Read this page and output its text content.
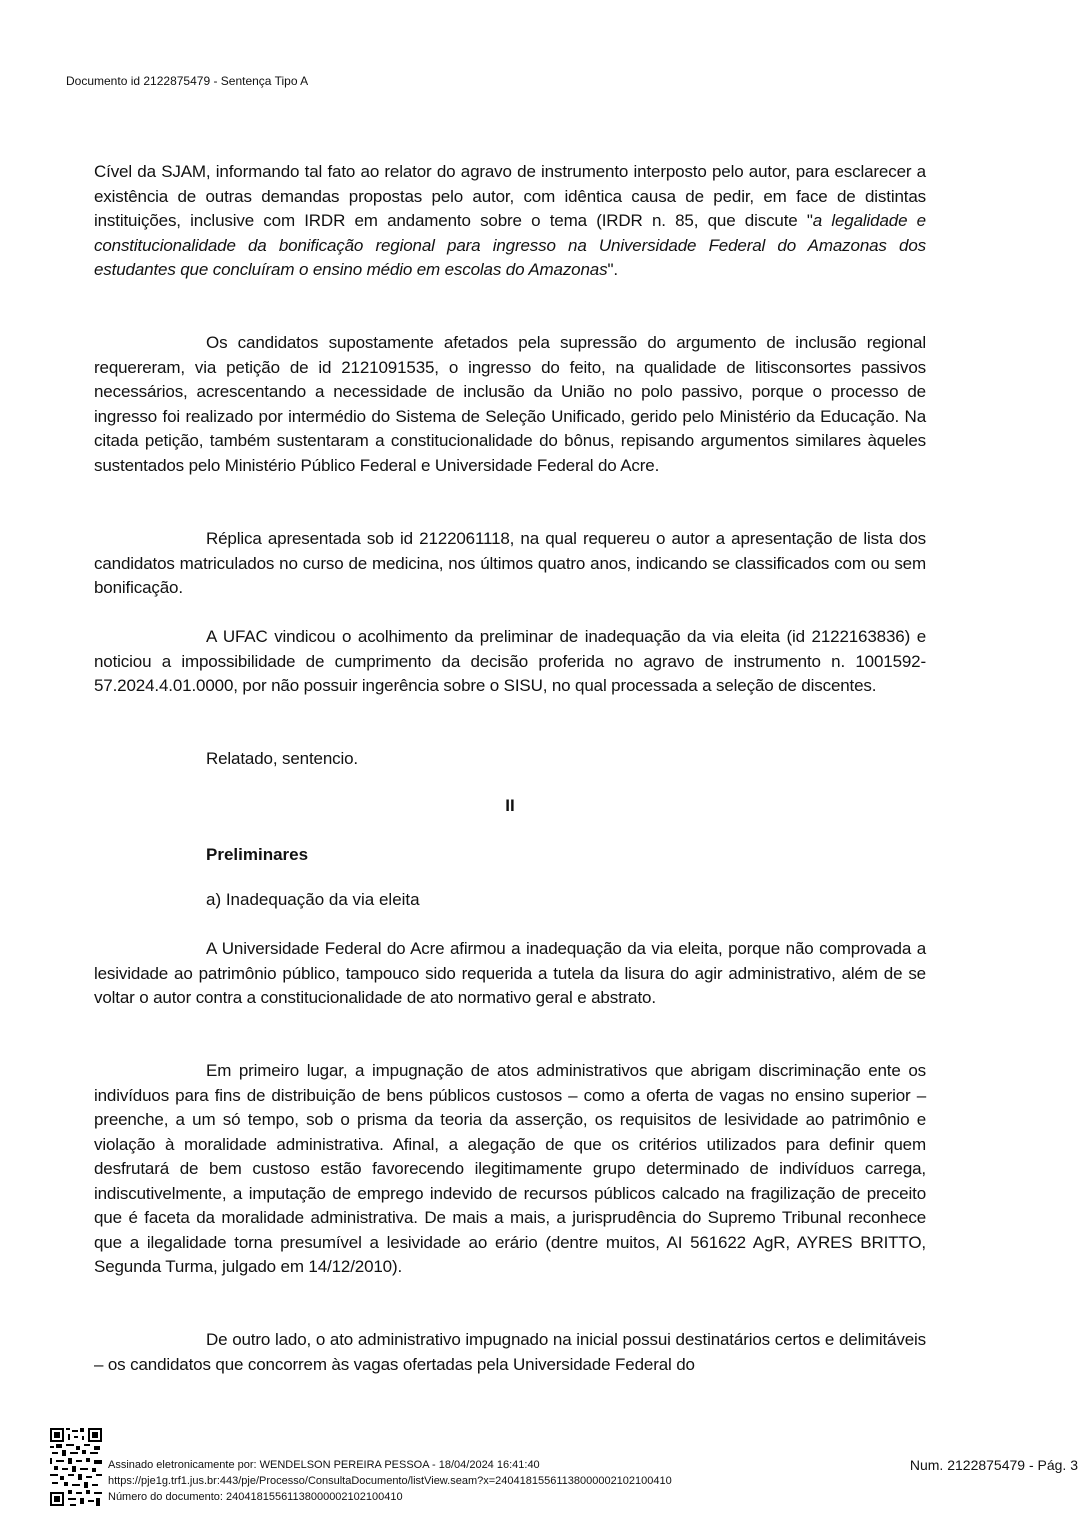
Documento id 2122875479 - Sentença Tipo A

Cível da SJAM, informando tal fato ao relator do agravo de instrumento interposto pelo autor, para esclarecer a existência de outras demandas propostas pelo autor, com idêntica causa de pedir, em face de distintas instituições, inclusive com IRDR em andamento sobre o tema (IRDR n. 85, que discute "a legalidade e constitucionalidade da bonificação regional para ingresso na Universidade Federal do Amazonas dos estudantes que concluíram o ensino médio em escolas do Amazonas".

Os candidatos supostamente afetados pela supressão do argumento de inclusão regional requereram, via petição de id 2121091535, o ingresso do feito, na qualidade de litisconsortes passivos necessários, acrescentando a necessidade de inclusão da União no polo passivo, porque o processo de ingresso foi realizado por intermédio do Sistema de Seleção Unificado, gerido pelo Ministério da Educação. Na citada petição, também sustentaram a constitucionalidade do bônus, repisando argumentos similares àqueles sustentados pelo Ministério Público Federal e Universidade Federal do Acre.

Réplica apresentada sob id 2122061118, na qual requereu o autor a apresentação de lista dos candidatos matriculados no curso de medicina, nos últimos quatro anos, indicando se classificados com ou sem bonificação.

A UFAC vindicou o acolhimento da preliminar de inadequação da via eleita (id 2122163836) e noticiou a impossibilidade de cumprimento da decisão proferida no agravo de instrumento n. 1001592-57.2024.4.01.0000, por não possuir ingerência sobre o SISU, no qual processada a seleção de discentes.

Relatado, sentencio.

II
Preliminares
a) Inadequação da via eleita

A Universidade Federal do Acre afirmou a inadequação da via eleita, porque não comprovada a lesividade ao patrimônio público, tampouco sido requerida a tutela da lisura do agir administrativo, além de se voltar o autor contra a constitucionalidade de ato normativo geral e abstrato.

Em primeiro lugar, a impugnação de atos administrativos que abrigam discriminação ente os indivíduos para fins de distribuição de bens públicos custosos – como a oferta de vagas no ensino superior – preenche, a um só tempo, sob o prisma da teoria da asserção, os requisitos de lesividade ao patrimônio e violação à moralidade administrativa. Afinal, a alegação de que os critérios utilizados para definir quem desfrutará de bem custoso estão favorecendo ilegitimamente grupo determinado de indivíduos carrega, indiscutivelmente, a imputação de emprego indevido de recursos públicos calcado na fragilização de preceito que é faceta da moralidade administrativa. De mais a mais, a jurisprudência do Supremo Tribunal reconhece que a ilegalidade torna presumível a lesividade ao erário (dentre muitos, AI 561622 AgR, AYRES BRITTO, Segunda Turma, julgado em 14/12/2010).

De outro lado, o ato administrativo impugnado na inicial possui destinatários certos e delimitáveis – os candidatos que concorrem às vagas ofertadas pela Universidade Federal do

Assinado eletronicamente por: WENDELSON PEREIRA PESSOA - 18/04/2024 16:41:40
https://pje1g.trf1.jus.br:443/pje/Processo/ConsultaDocumento/listView.seam?x=24041815561138000002102100410
Número do documento: 24041815561138000002102100410
Num. 2122875479 - Pág. 3
